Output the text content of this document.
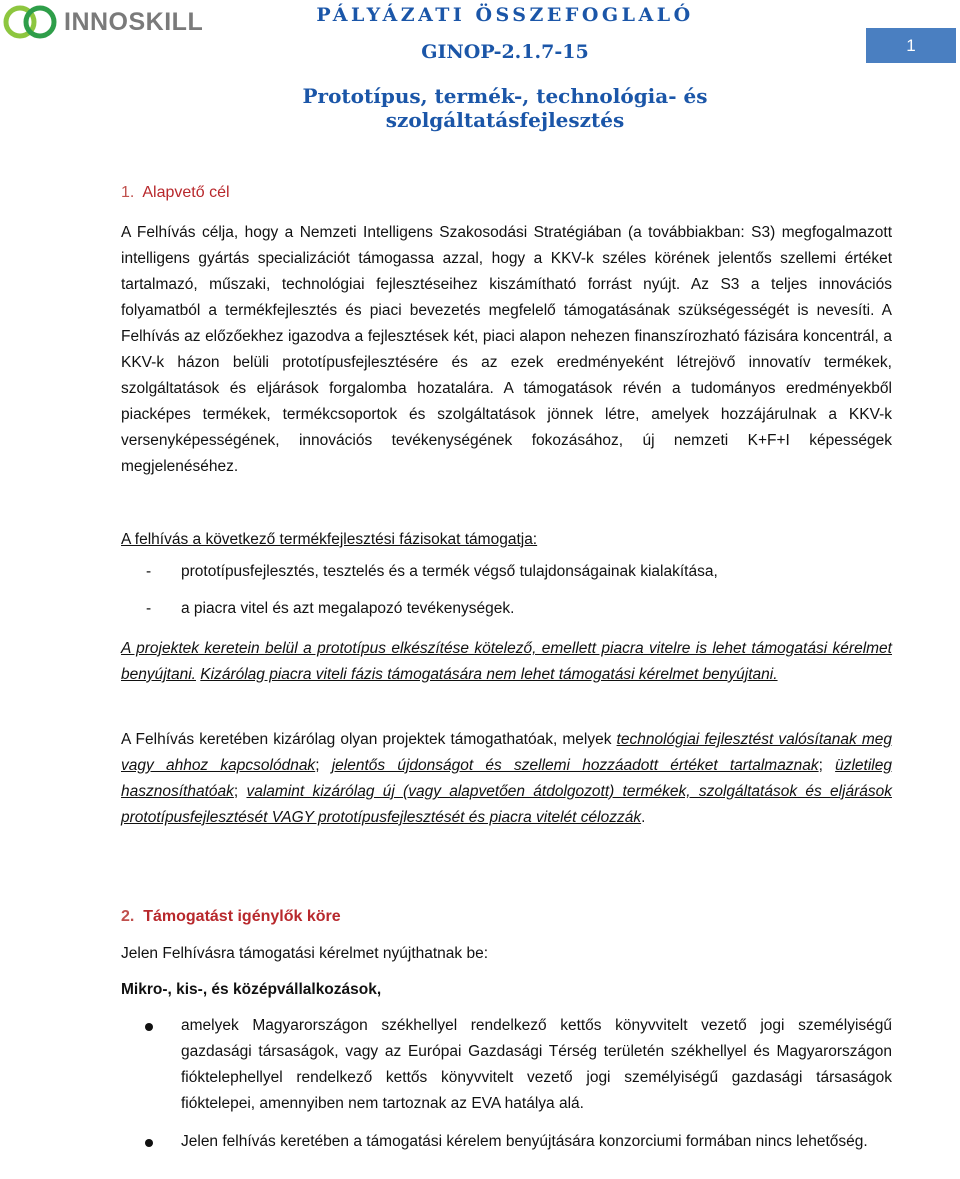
INNOSKILL	PÁLYÁZATI ÖSSZEFOGLALÓ
GINOP-2.1.7-15
Prototípus, termék-, technológia- és szolgáltatásfejlesztés
1
1. Alapvető cél
A Felhívás célja, hogy a Nemzeti Intelligens Szakosodási Stratégiában (a továbbiakban: S3) megfogalmazott intelligens gyártás specializációt támogassa azzal, hogy a KKV-k széles körének jelentős szellemi értéket tartalmazó, műszaki, technológiai fejlesztéseihez kiszámítható forrást nyújt. Az S3 a teljes innovációs folyamatból a termékfejlesztés és piaci bevezetés megfelelő támogatásának szükségességét is nevesíti. A Felhívás az előzőekhez igazodva a fejlesztések két, piaci alapon nehezen finanszírozható fázisára koncentrál, a KKV-k házon belüli prototípusfejlesztésére és az ezek eredményeként létrejövő innovatív termékek, szolgáltatások és eljárások forgalomba hozatalára. A támogatások révén a tudományos eredményekből piacképes termékek, termékcsoportok és szolgáltatások jönnek létre, amelyek hozzájárulnak a KKV-k versenyképességének, innovációs tevékenységének fokozásához, új nemzeti K+F+I képességek megjelenéséhez.
A felhívás a következő termékfejlesztési fázisokat támogatja:
- prototípusfejlesztés, tesztelés és a termék végső tulajdonságainak kialakítása,
- a piacra vitel és azt megalapozó tevékenységek.
A projektek keretein belül a prototípus elkészítése kötelező, emellett piacra vitelre is lehet támogatási kérelmet benyújtani. Kizárólag piacra viteli fázis támogatására nem lehet támogatási kérelmet benyújtani.
A Felhívás keretében kizárólag olyan projektek támogathatóak, melyek technológiai fejlesztést valósítanak meg vagy ahhoz kapcsolódnak; jelentős újdonságot és szellemi hozzáadott értéket tartalmaznak; üzletileg hasznosíthatóak; valamint kizárólag új (vagy alapvetően átdolgozott) termékek, szolgáltatások és eljárások prototípusfejlesztését VAGY prototípusfejlesztését és piacra vitelét célozzák.
2. Támogatást igénylők köre
Jelen Felhívásra támogatási kérelmet nyújthatnak be:
Mikro-, kis-, és középvállalkozások,
amelyek Magyarországon székhellyel rendelkező kettős könyvvitelt vezető jogi személyiségű gazdasági társaságok, vagy az Európai Gazdasági Térség területén székhellyel és Magyarországon fióktelephellyel rendelkező kettős könyvvitelt vezető jogi személyiségű gazdasági társaságok fióktelepei, amennyiben nem tartoznak az EVA hatálya alá.
Jelen felhívás keretében a támogatási kérelem benyújtására konzorciumi formában nincs lehetőség.
